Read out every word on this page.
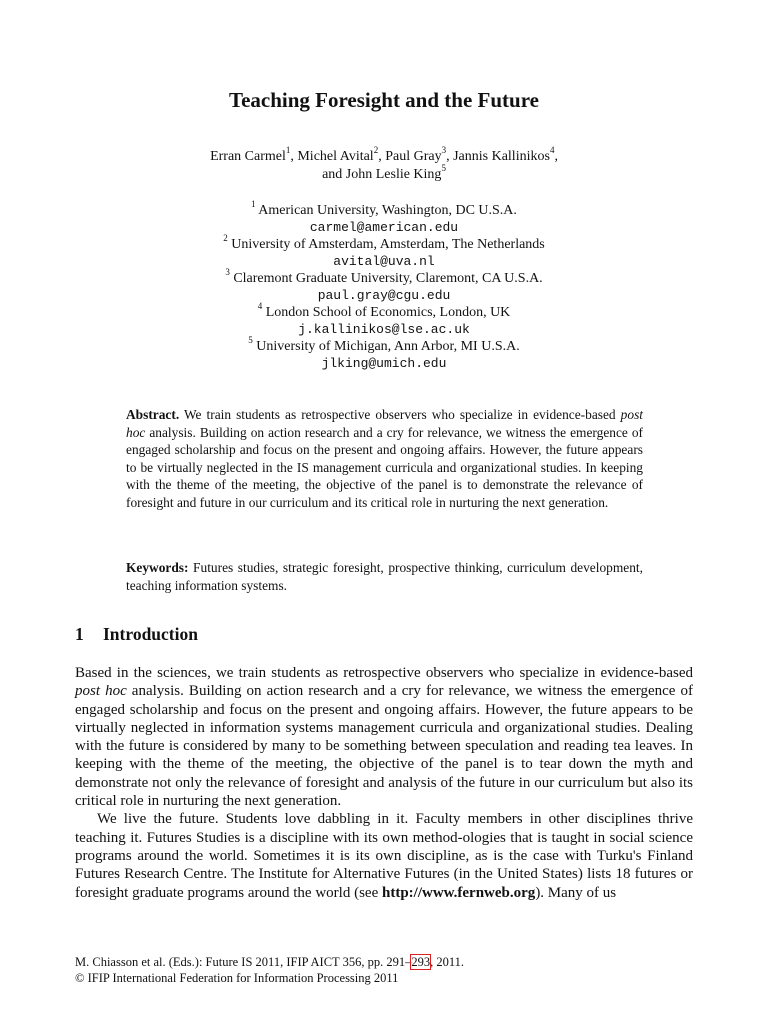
Teaching Foresight and the Future
Erran Carmel$^1$, Michel Avital$^2$, Paul Gray$^3$, Jannis Kallinikos$^4$,
and John Leslie King$^5$
$^1$ American University, Washington, DC U.S.A.
carmel@american.edu
$^2$ University of Amsterdam, Amsterdam, The Netherlands
avital@uva.nl
$^3$ Claremont Graduate University, Claremont, CA U.S.A.
paul.gray@cgu.edu
$^4$ London School of Economics, London, UK
j.kallinikos@lse.ac.uk
$^5$ University of Michigan, Ann Arbor, MI U.S.A.
jlking@umich.edu
Abstract. We train students as retrospective observers who specialize in evidence-based post hoc analysis. Building on action research and a cry for relevance, we witness the emergence of engaged scholarship and focus on the present and ongoing affairs. However, the future appears to be virtually neglected in the IS management curricula and organizational studies. In keeping with the theme of the meeting, the objective of the panel is to demonstrate the relevance of foresight and future in our curriculum and its critical role in nurturing the next generation.
Keywords: Futures studies, strategic foresight, prospective thinking, curriculum development, teaching information systems.
1 Introduction

Based in the sciences, we train students as retrospective observers who specialize in evidence-based post hoc analysis. Building on action research and a cry for relevance, we witness the emergence of engaged scholarship and focus on the present and ongoing affairs. However, the future appears to be virtually neglected in information systems management curricula and organizational studies. Dealing with the future is considered by many to be something between speculation and reading tea leaves. In keeping with the theme of the meeting, the objective of the panel is to tear down the myth and demonstrate not only the relevance of foresight and analysis of the future in our curriculum but also its critical role in nurturing the next generation.

We live the future. Students love dabbling in it. Faculty members in other disciplines thrive teaching it. Futures Studies is a discipline with its own method-ologies that is taught in social science programs around the world. Sometimes it is its own discipline, as is the case with Turku's Finland Futures Research Centre. The Institute for Alternative Futures (in the United States) lists 18 futures or foresight graduate programs around the world (see http://www.fernweb.org). Many of us

M. Chiasson et al. (Eds.): Future IS 2011, IFIP AICT 356, pp. 291–293, 2011.
© IFIP International Federation for Information Processing 2011
